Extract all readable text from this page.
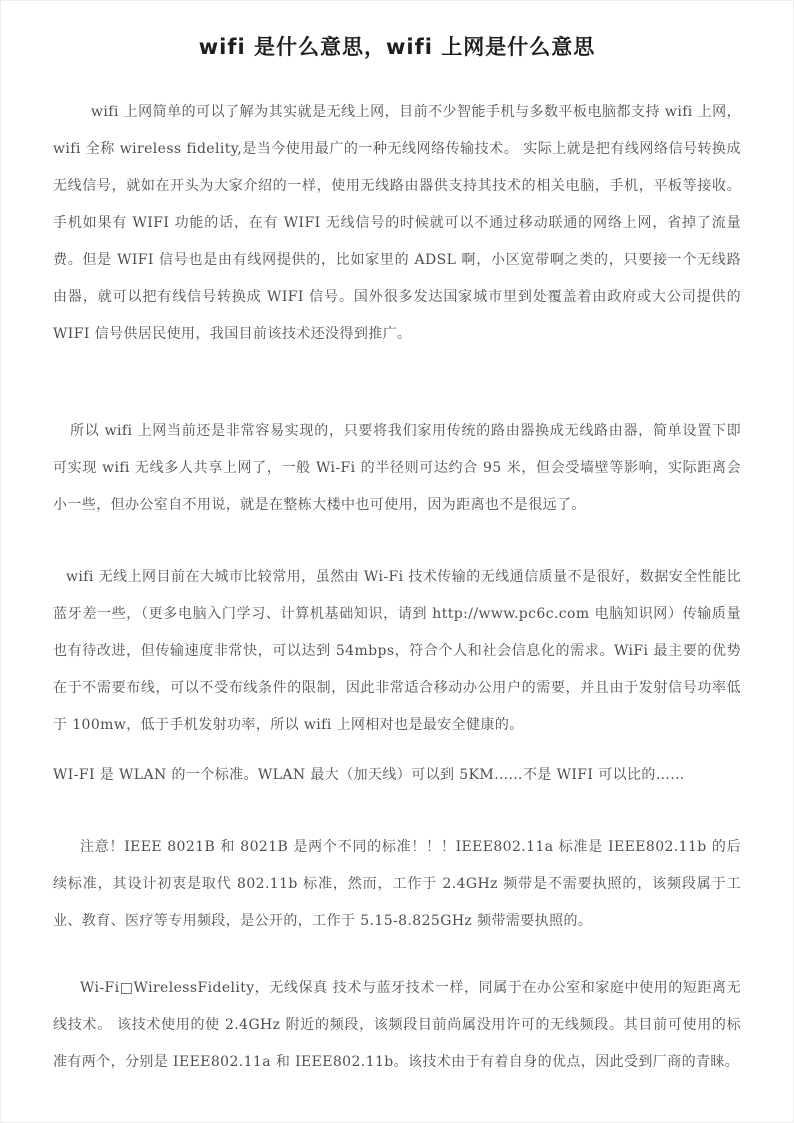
wifi 是什么意思，wifi 上网是什么意思

wifi 上网简单的可以了解为其实就是无线上网，目前不少智能手机与多数平板电脑都支持 wifi 上网，wifi 全称 wireless fidelity,是当今使用最广的一种无线网络传输技术。 实际上就是把有线网络信号转换成无线信号，就如在开头为大家介绍的一样，使用无线路由器供支持其技术的相关电脑，手机，平板等接收。手机如果有 WIFI 功能的话，在有 WIFI 无线信号的时候就可以不通过移动联通的网络上网，省掉了流量费。但是 WIFI 信号也是由有线网提供的，比如家里的 ADSL 啊，小区宽带啊之类的，只要接一个无线路由器，就可以把有线信号转换成 WIFI 信号。国外很多发达国家城市里到处覆盖着由政府或大公司提供的 WIFI 信号供居民使用，我国目前该技术还没得到推广。

所以 wifi 上网当前还是非常容易实现的，只要将我们家用传统的路由器换成无线路由器，简单设置下即可实现 wifi 无线多人共享上网了，一般 Wi-Fi 的半径则可达约合 95 米，但会受墙壁等影响，实际距离会小一些，但办公室自不用说，就是在整栋大楼中也可使用，因为距离也不是很远了。

wifi 无线上网目前在大城市比较常用，虽然由 Wi-Fi 技术传输的无线通信质量不是很好，数据安全性能比蓝牙差一些，（更多电脑入门学习、计算机基础知识，请到 http://www.pc6c.com 电脑知识网）传输质量也有待改进，但传输速度非常快，可以达到 54mbps，符合个人和社会信息化的需求。WiFi 最主要的优势在于不需要布线，可以不受布线条件的限制，因此非常适合移动办公用户的需要，并且由于发射信号功率低于 100mw，低于手机发射功率，所以 wifi 上网相对也是最安全健康的。

WI-FI 是 WLAN 的一个标准。WLAN 最大（加天线）可以到 5KM……不是 WIFI 可以比的……

注意！IEEE 8021B 和 8021B 是两个不同的标准！！！IEEE802.11a 标准是 IEEE802.11b 的后续标准，其设计初衷是取代 802.11b 标准，然而，工作于 2.4GHz 频带是不需要执照的，该频段属于工业、教育、医疗等专用频段，是公开的，工作于 5.15-8.825GHz 频带需要执照的。

Wi-Fi□WirelessFidelity，无线保真 技术与蓝牙技术一样，同属于在办公室和家庭中使用的短距离无线技术。 该技术使用的使 2.4GHz 附近的频段，该频段目前尚属没用许可的无线频段。其目前可使用的标准有两个，分别是 IEEE802.11a 和 IEEE802.11b。该技术由于有着自身的优点，因此受到厂商的青睐。
